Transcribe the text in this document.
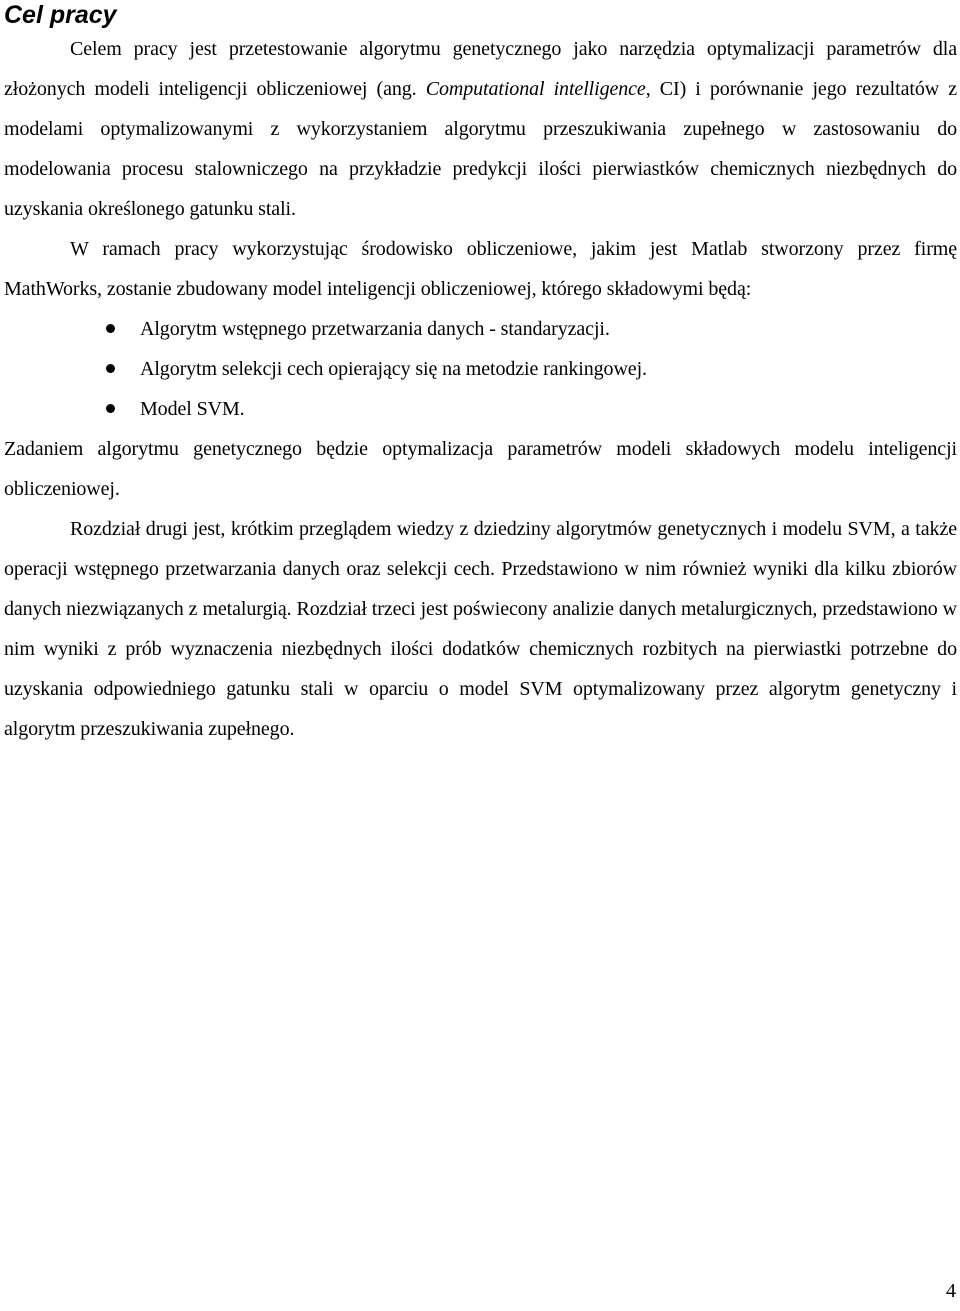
Cel pracy

Celem pracy jest przetestowanie algorytmu genetycznego jako narzędzia optymalizacji parametrów dla złożonych modeli inteligencji obliczeniowej (ang. Computational intelligence, CI) i porównanie jego rezultatów z modelami optymalizowanymi z wykorzystaniem algorytmu przeszukiwania zupełnego w zastosowaniu do modelowania procesu stalowniczego na przykładzie predykcji ilości pierwiastków chemicznych niezbędnych do uzyskania określonego gatunku stali.

W ramach pracy wykorzystując środowisko obliczeniowe, jakim jest Matlab stworzony przez firmę MathWorks, zostanie zbudowany model inteligencji obliczeniowej, którego składowymi będą:

Algorytm wstępnego przetwarzania danych - standaryzacji.
Algorytm selekcji cech opierający się na metodzie rankingowej.
Model SVM.

Zadaniem algorytmu genetycznego będzie optymalizacja parametrów modeli składowych modelu inteligencji obliczeniowej.

Rozdział drugi jest, krótkim przeglądem wiedzy z dziedziny algorytmów genetycznych i modelu SVM, a także operacji wstępnego przetwarzania danych oraz selekcji cech. Przedstawiono w nim również wyniki dla kilku zbiorów danych niezwiązanych z metalurgią. Rozdział trzeci jest poświecony analizie danych metalurgicznych, przedstawiono w nim wyniki z prób wyznaczenia niezbędnych ilości dodatków chemicznych rozbitych na pierwiastki potrzebne do uzyskania odpowiedniego gatunku stali w oparciu o model SVM optymalizowany przez algorytm genetyczny i algorytm przeszukiwania zupełnego.

4
